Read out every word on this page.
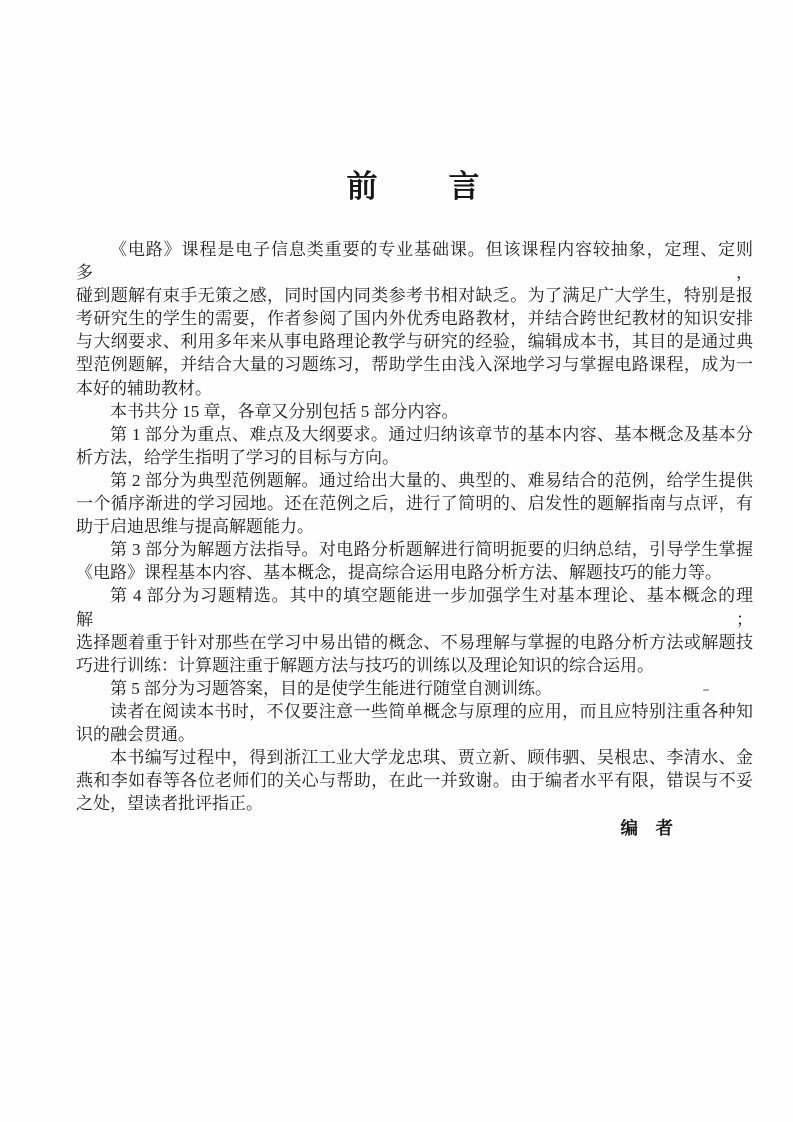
前　　言
《电路》课程是电子信息类重要的专业基础课。但该课程内容较抽象，定理、定则多，
碰到题解有束手无策之感，同时国内同类参考书相对缺乏。为了满足广大学生，特别是报
考研究生的学生的需要，作者参阅了国内外优秀电路教材，并结合跨世纪教材的知识安排
与大纲要求、利用多年来从事电路理论教学与研究的经验，编辑成本书，其目的是通过典
型范例题解，并结合大量的习题练习，帮助学生由浅入深地学习与掌握电路课程，成为一
本好的辅助教材。
本书共分 15 章，各章又分别包括 5 部分内容。
第 1 部分为重点、难点及大纲要求。通过归纳该章节的基本内容、基本概念及基本分
析方法，给学生指明了学习的目标与方向。
第 2 部分为典型范例题解。通过给出大量的、典型的、难易结合的范例，给学生提供
一个循序渐进的学习园地。还在范例之后，进行了简明的、启发性的题解指南与点评，有
助于启迪思维与提高解题能力。
第 3 部分为解题方法指导。对电路分析题解进行简明扼要的归纳总结，引导学生掌握
《电路》课程基本内容、基本概念，提高综合运用电路分析方法、解题技巧的能力等。
第 4 部分为习题精选。其中的填空题能进一步加强学生对基本理论、基本概念的理解；
选择题着重于针对那些在学习中易出错的概念、不易理解与掌握的电路分析方法或解题技
巧进行训练：计算题注重于解题方法与技巧的训练以及理论知识的综合运用。
第 5 部分为习题答案，目的是使学生能进行随堂自测训练。
读者在阅读本书时，不仅要注意一些简单概念与原理的应用，而且应特别注重各种知
识的融会贯通。
本书编写过程中，得到浙江工业大学龙忠琪、贾立新、顾伟驷、吴根忠、李清水、金
燕和李如春等各位老师们的关心与帮助，在此一并致谢。由于编者水平有限，错误与不妥
之处，望读者批评指正。
编　者
